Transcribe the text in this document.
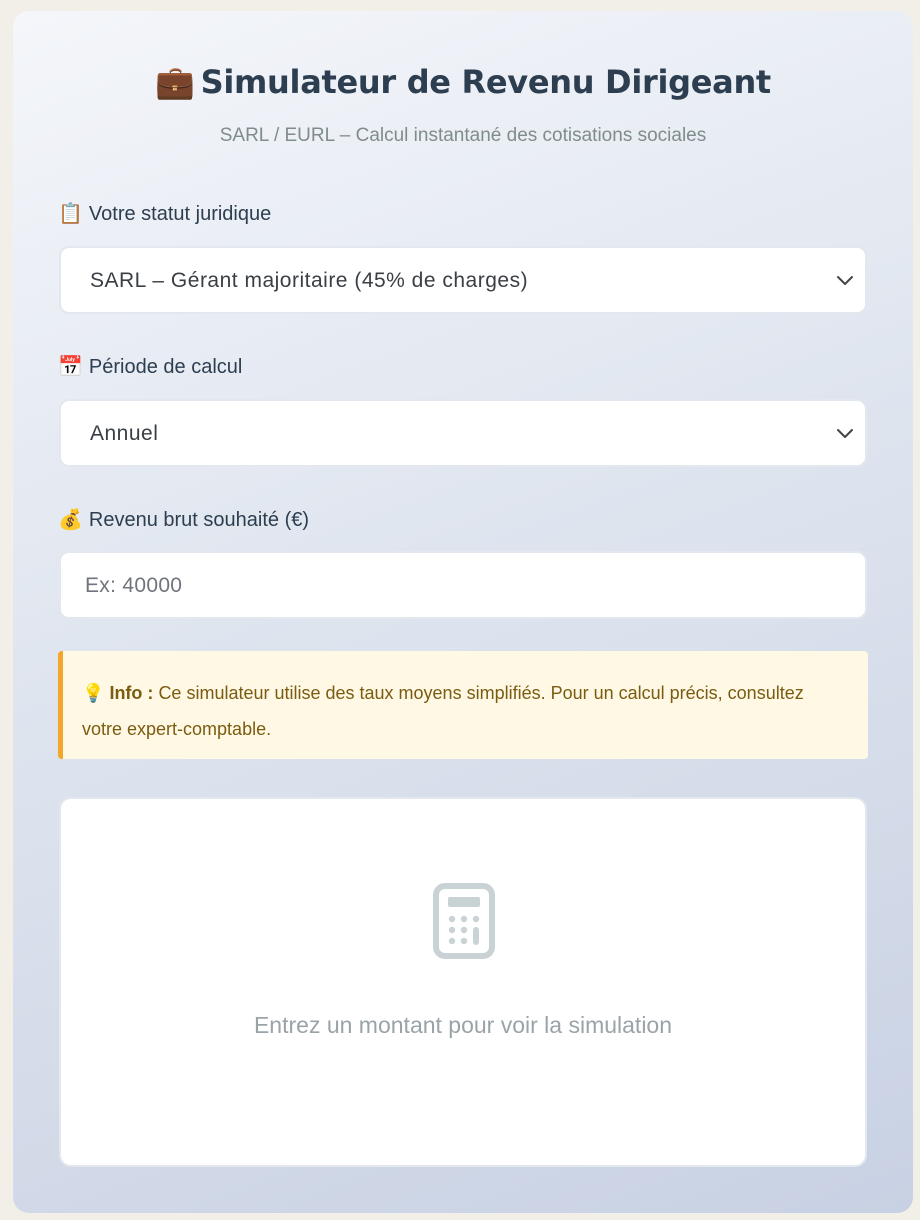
💼 Simulateur de Revenu Dirigeant
SARL / EURL – Calcul instantané des cotisations sociales
📋 Votre statut juridique
SARL – Gérant majoritaire (45% de charges)
📅 Période de calcul
Annuel
💰 Revenu brut souhaité (€)
Ex: 40000
💡 Info : Ce simulateur utilise des taux moyens simplifiés. Pour un calcul précis, consultez votre expert-comptable.
Entrez un montant pour voir la simulation
